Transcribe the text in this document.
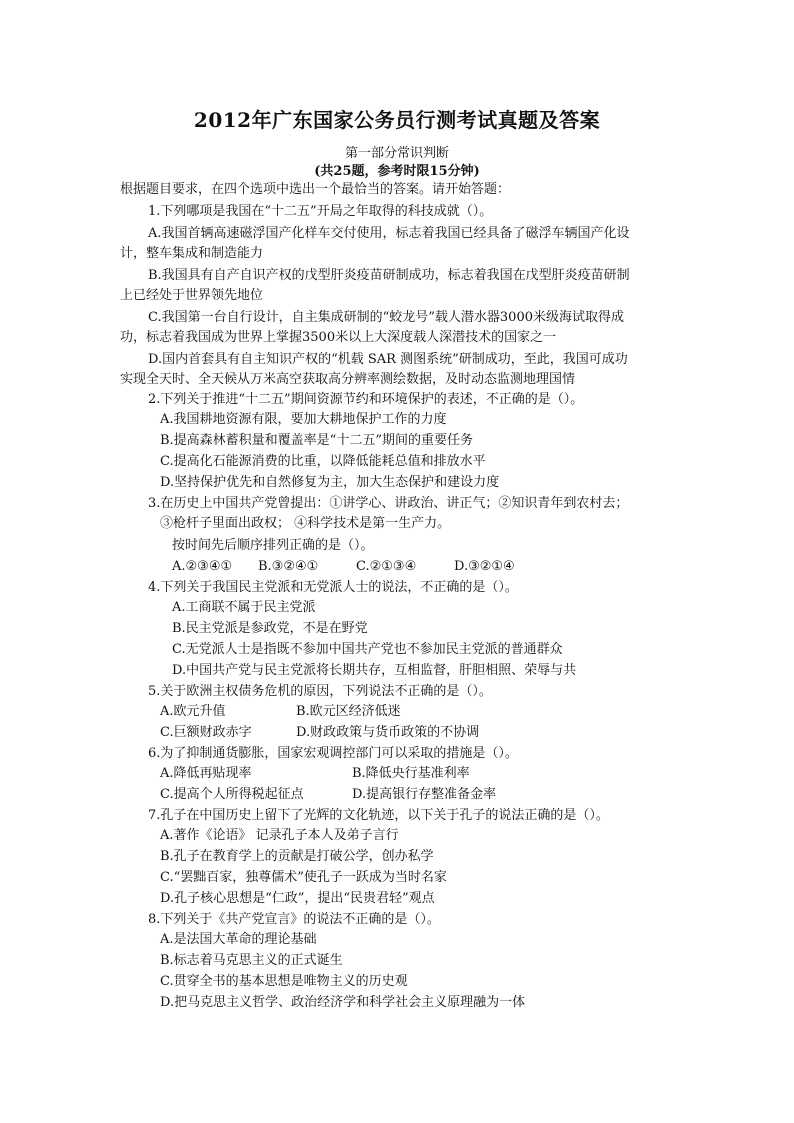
2012年广东国家公务员行测考试真题及答案
第一部分常识判断
(共25题，参考时限15分钟)
根据题目要求，在四个选项中选出一个最恰当的答案。请开始答题：
1.下列哪项是我国在“十二五”开局之年取得的科技成就（）。
A.我国首辆高速磁浮国产化样车交付使用，标志着我国已经具备了磁浮车辆国产化设
计，整车集成和制造能力
B.我国具有自产自识产权的戊型肝炎疫苗研制成功，标志着我国在戊型肝炎疫苗研制
上已经处于世界领先地位
C.我国第一台自行设计，自主集成研制的“蛟龙号”载人潜水器3000米级海试取得成
功，标志着我国成为世界上掌握3500米以上大深度载人深潜技术的国家之一
D.国内首套具有自主知识产权的“机载 SAR 测图系统”研制成功，至此，我国可成功
实现全天时、全天候从万米高空获取高分辨率测绘数据，及时动态监测地理国情
2.下列关于推进“十二五”期间资源节约和环境保护的表述，不正确的是（）。
A.我国耕地资源有限，要加大耕地保护工作的力度
B.提高森林蓄积量和覆盖率是“十二五”期间的重要任务
C.提高化石能源消费的比重，以降低能耗总值和排放水平
D.坚持保护优先和自然修复为主，加大生态保护和建设力度
3.在历史上中国共产党曾提出：①讲学心、讲政治、讲正气；②知识青年到农村去；
③枪杆子里面出政权； ④科学技术是第一生产力。
按时间先后顺序排列正确的是（）。
A.②③④① B.③②④①	C.②①③④	D.③②①④
4.下列关于我国民主党派和无党派人士的说法，不正确的是（）。
A.工商联不属于民主党派
B.民主党派是参政党，不是在野党
C.无党派人士是指既不参加中国共产党也不参加民主党派的普通群众
D.中国共产党与民主党派将长期共存，互相监督，肝胆相照、荣辱与共
5.关于欧洲主权债务危机的原因，下列说法不正确的是（）。
A.欧元升值	B.欧元区经济低迷
C.巨额财政赤字	D.财政政策与货币政策的不协调
6.为了抑制通货膨胀，国家宏观调控部门可以采取的措施是（）。
A.降低再贴现率	B.降低央行基准利率
C.提高个人所得税起征点	D.提高银行存整准备金率
7.孔子在中国历史上留下了光辉的文化轨迹，以下关于孔子的说法正确的是（）。
A.著作《论语》 记录孔子本人及弟子言行
B.孔子在教育学上的贡献是打破公学，创办私学
C.“罢黜百家，独尊儒术”使孔子一跃成为当时名家
D.孔子核心思想是“仁政”，提出“民贵君轻”观点
8.下列关于《共产党宣言》的说法不正确的是（）。
A.是法国大革命的理论基础
B.标志着马克思主义的正式诞生
C.贯穿全书的基本思想是唯物主义的历史观
D.把马克思主义哲学、政治经济学和科学社会主义原理融为一体
